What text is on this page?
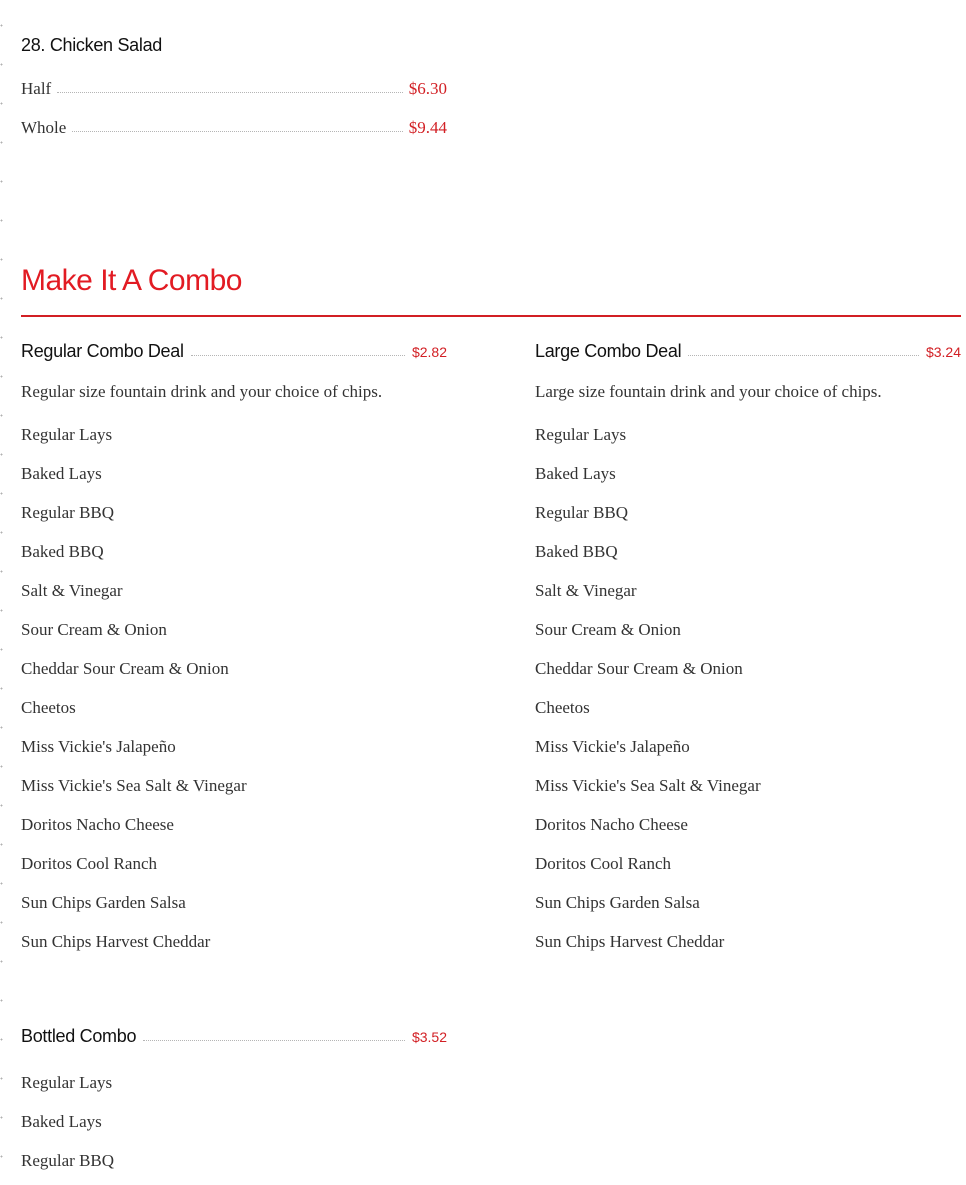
28. Chicken Salad
Half	$6.30
Whole	$9.44
Make It A Combo
Regular Combo Deal	$2.82
Regular size fountain drink and your choice of chips.
Regular Lays
Baked Lays
Regular BBQ
Baked BBQ
Salt & Vinegar
Sour Cream & Onion
Cheddar Sour Cream & Onion
Cheetos
Miss Vickie's Jalapeño
Miss Vickie's Sea Salt & Vinegar
Doritos Nacho Cheese
Doritos Cool Ranch
Sun Chips Garden Salsa
Sun Chips Harvest Cheddar
Large Combo Deal	$3.24
Large size fountain drink and your choice of chips.
Regular Lays
Baked Lays
Regular BBQ
Baked BBQ
Salt & Vinegar
Sour Cream & Onion
Cheddar Sour Cream & Onion
Cheetos
Miss Vickie's Jalapeño
Miss Vickie's Sea Salt & Vinegar
Doritos Nacho Cheese
Doritos Cool Ranch
Sun Chips Garden Salsa
Sun Chips Harvest Cheddar
Bottled Combo	$3.52
Regular Lays
Baked Lays
Regular BBQ
